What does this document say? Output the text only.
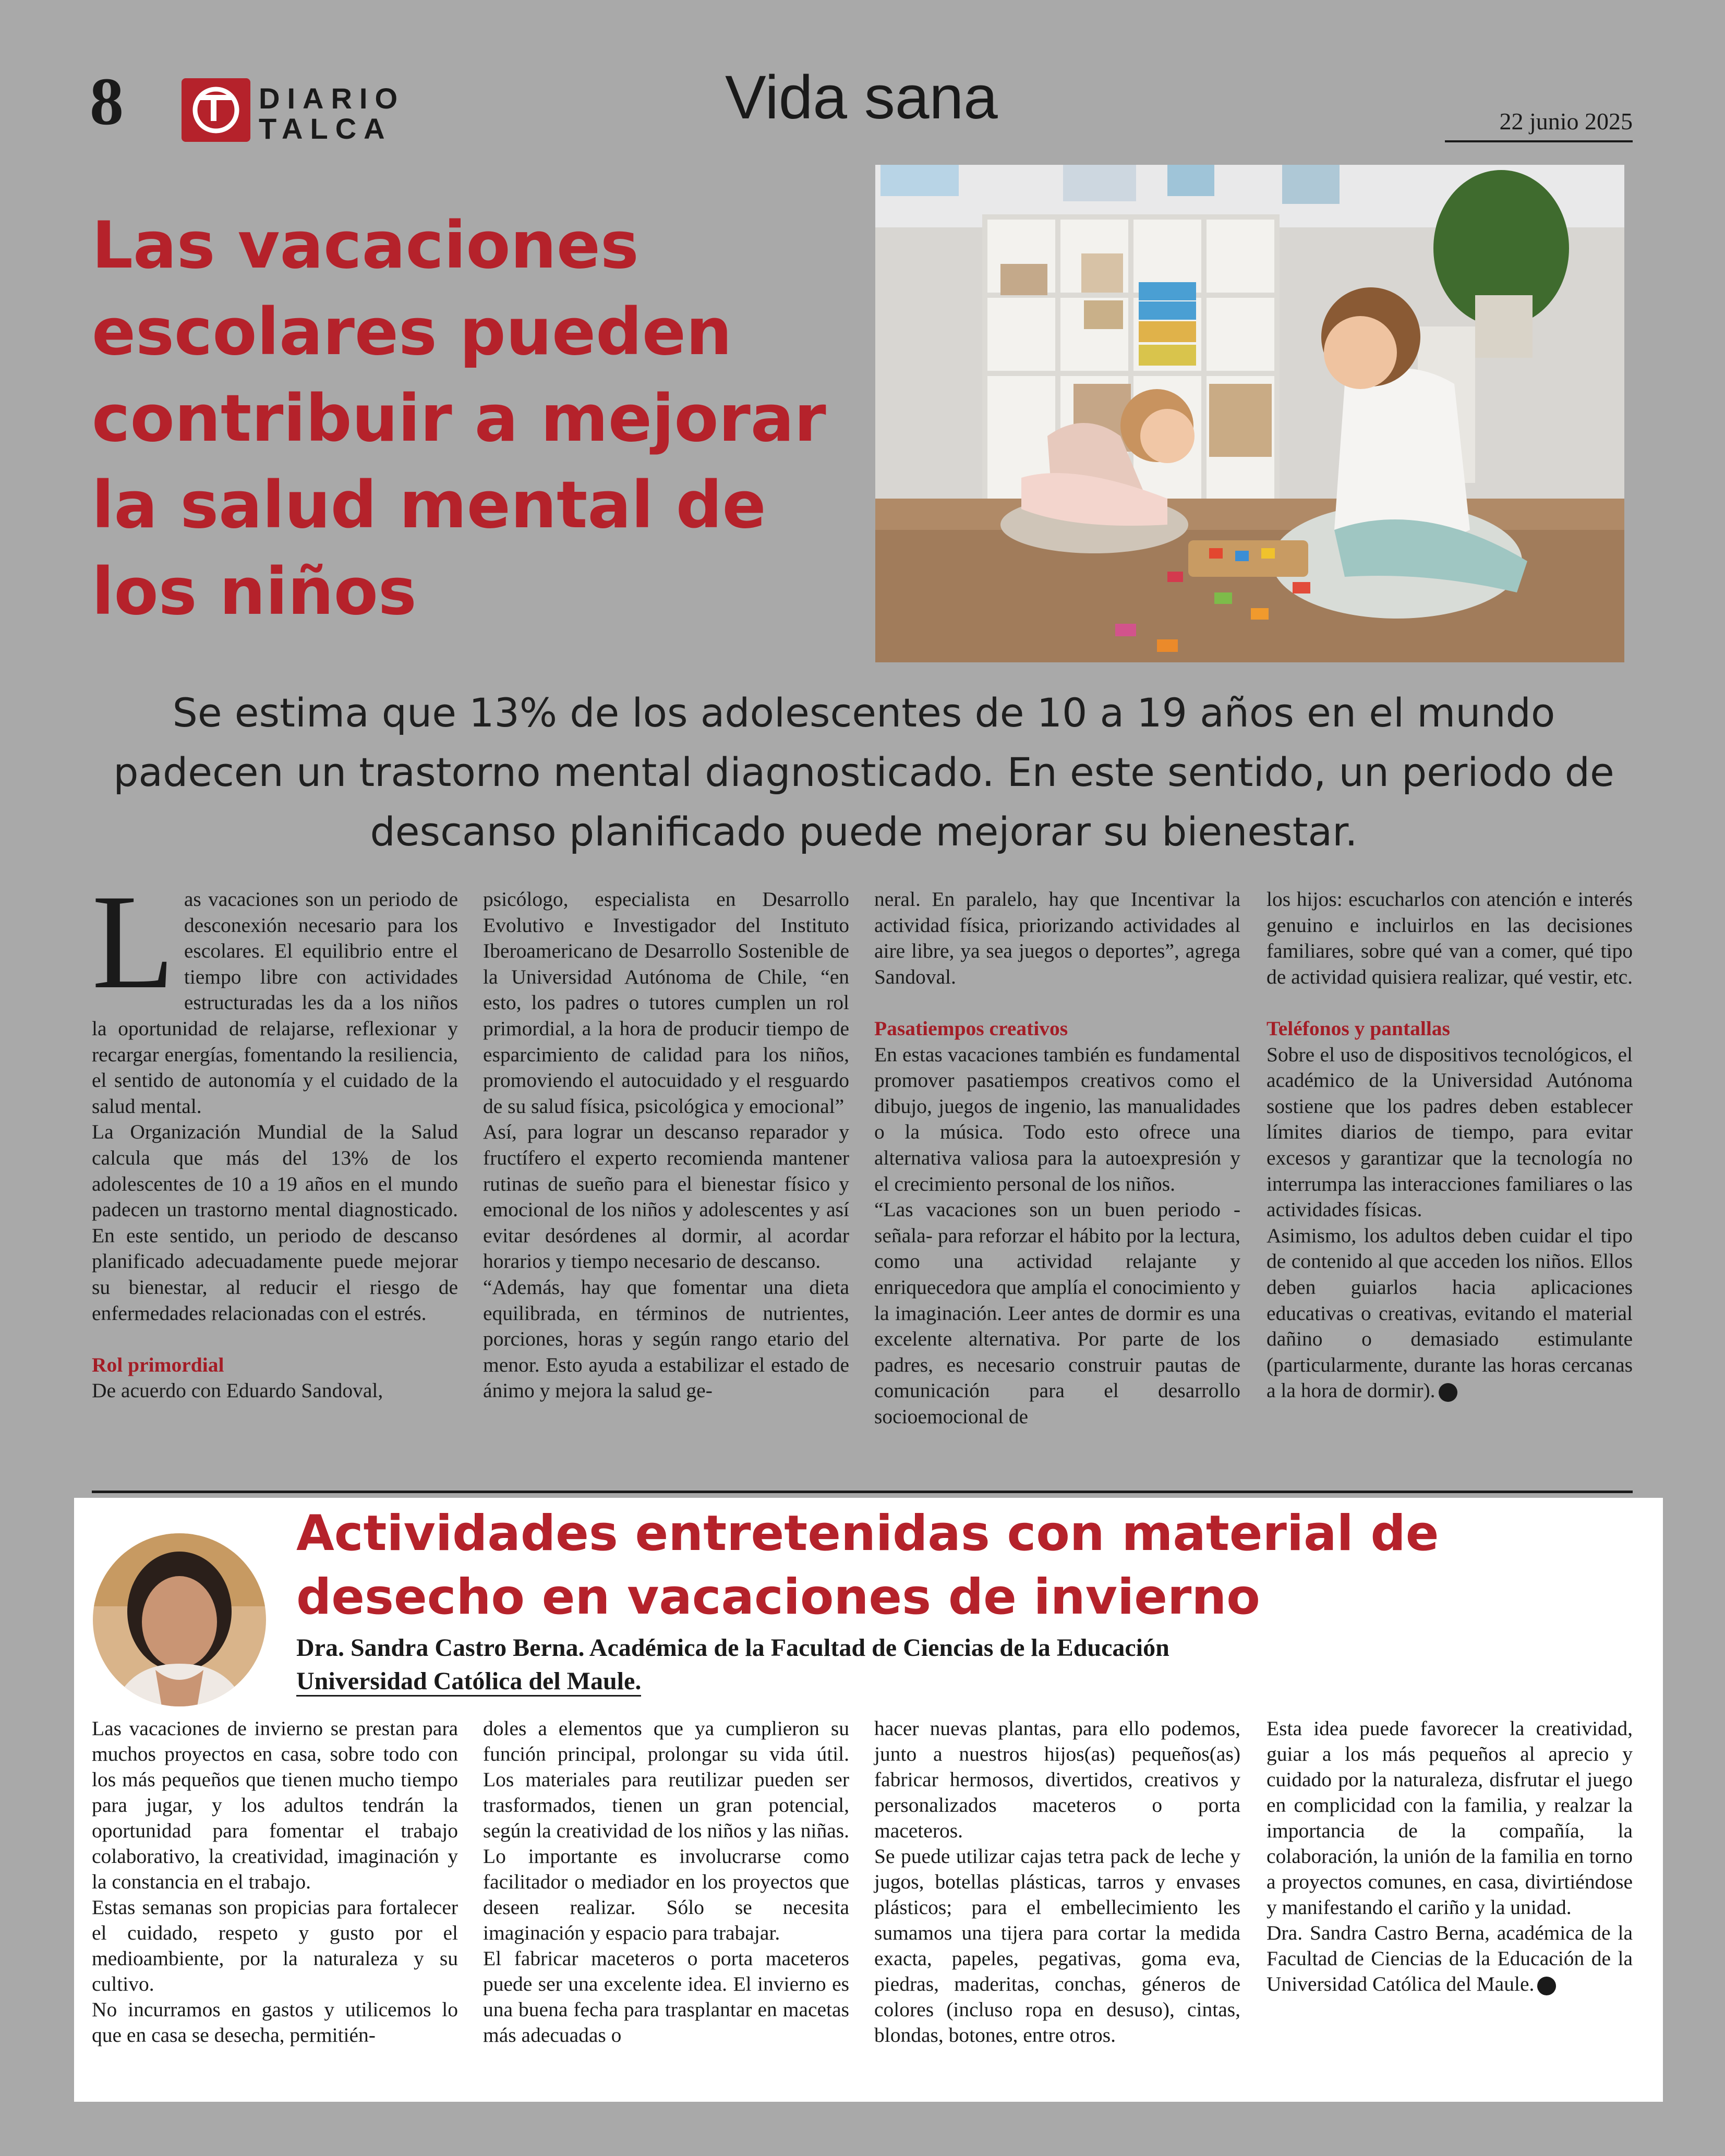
8	DIARIO
TALCA	Vida sana	22 junio 2025
Las vacaciones escolares pueden contribuir a mejorar la salud mental de los niños
Se estima que 13% de los adolescentes de 10 a 19 años en el mundo padecen un trastorno mental diagnosticado. En este sentido, un periodo de descanso planificado puede mejorar su bienestar.
Las vacaciones son un periodo de desconexión necesario para los escolares. El equilibrio entre el tiempo libre con actividades estructuradas les da a los niños la oportunidad de relajarse, reflexionar y recargar energías, fomentando la resiliencia, el sentido de autonomía y el cuidado de la salud mental.
La Organización Mundial de la Salud calcula que más del 13% de los adolescentes de 10 a 19 años en el mundo padecen un trastorno mental diagnosticado. En este sentido, un periodo de descanso planificado adecuadamente puede mejorar su bienestar, al reducir el riesgo de enfermedades relacionadas con el estrés.

Rol primordial
De acuerdo con Eduardo Sandoval,
psicólogo, especialista en Desarrollo Evolutivo e Investigador del Instituto Iberoamericano de Desarrollo Sostenible de la Universidad Autónoma de Chile, “en esto, los padres o tutores cumplen un rol primordial, a la hora de producir tiempo de esparcimiento de calidad para los niños, promoviendo el autocuidado y el resguardo de su salud física, psicológica y emocional”
Así, para lograr un descanso reparador y fructífero el experto recomienda mantener rutinas de sueño para el bienestar físico y emocional de los niños y adolescentes y así evitar desórdenes al dormir, al acordar horarios y tiempo necesario de descanso.
“Además, hay que fomentar una dieta equilibrada, en términos de nutrientes, porciones, horas y según rango etario del menor. Esto ayuda a estabilizar el estado de ánimo y mejora la salud ge-
neral. En paralelo, hay que Incentivar la actividad física, priorizando actividades al aire libre, ya sea juegos o deportes”, agrega Sandoval.

Pasatiempos creativos
En estas vacaciones también es fundamental promover pasatiempos creativos como el dibujo, juegos de ingenio, las manualidades o la música. Todo esto ofrece una alternativa valiosa para la autoexpresión y el crecimiento personal de los niños.
“Las vacaciones son un buen periodo -señala- para reforzar el hábito por la lectura, como una actividad relajante y enriquecedora que amplía el conocimiento y la imaginación. Leer antes de dormir es una excelente alternativa. Por parte de los padres, es necesario construir pautas de comunicación para el desarrollo socioemocional de
los hijos: escucharlos con atención e interés genuino e incluirlos en las decisiones familiares, sobre qué van a comer, qué tipo de actividad quisiera realizar, qué vestir, etc.

Teléfonos y pantallas
Sobre el uso de dispositivos tecnológicos, el académico de la Universidad Autónoma sostiene que los padres deben establecer límites diarios de tiempo, para evitar excesos y garantizar que la tecnología no interrumpa las interacciones familiares o las actividades físicas.
Asimismo, los adultos deben cuidar el tipo de contenido al que acceden los niños. Ellos deben guiarlos hacia aplicaciones educativas o creativas, evitando el material dañino o demasiado estimulante (particularmente, durante las horas cercanas a la hora de dormir).
Actividades entretenidas con material de desecho en vacaciones de invierno
Dra. Sandra Castro Berna. Académica de la Facultad de Ciencias de la Educación
Universidad Católica del Maule.
Las vacaciones de invierno se prestan para muchos proyectos en casa, sobre todo con los más pequeños que tienen mucho tiempo para jugar, y los adultos tendrán la oportunidad para fomentar el trabajo colaborativo, la creatividad, imaginación y la constancia en el trabajo.
Estas semanas son propicias para fortalecer el cuidado, respeto y gusto por el medioambiente, por la naturaleza y su cultivo.
No incurramos en gastos y utilicemos lo que en casa se desecha, permitién-
doles a elementos que ya cumplieron su función principal, prolongar su vida útil. Los materiales para reutilizar pueden ser trasformados, tienen un gran potencial, según la creatividad de los niños y las niñas. Lo importante es involucrarse como facilitador o mediador en los proyectos que deseen realizar. Sólo se necesita imaginación y espacio para trabajar.
El fabricar maceteros o porta maceteros puede ser una excelente idea. El invierno es una buena fecha para trasplantar en macetas más adecuadas o
hacer nuevas plantas, para ello podemos, junto a nuestros hijos(as) pequeños(as) fabricar hermosos, divertidos, creativos y personalizados maceteros o porta maceteros.
Se puede utilizar cajas tetra pack de leche y jugos, botellas plásticas, tarros y envases plásticos; para el embellecimiento les sumamos una tijera para cortar la medida exacta, papeles, pegativas, goma eva, piedras, maderitas, conchas, géneros de colores (incluso ropa en desuso), cintas, blondas, botones, entre otros.
Esta idea puede favorecer la creatividad, guiar a los más pequeños al aprecio y cuidado por la naturaleza, disfrutar el juego en complicidad con la familia, y realzar la importancia de la compañía, la colaboración, la unión de la familia en torno a proyectos comunes, en casa, divirtiéndose y manifestando el cariño y la unidad.
Dra. Sandra Castro Berna, académica de la Facultad de Ciencias de la Educación de la Universidad Católica del Maule.
